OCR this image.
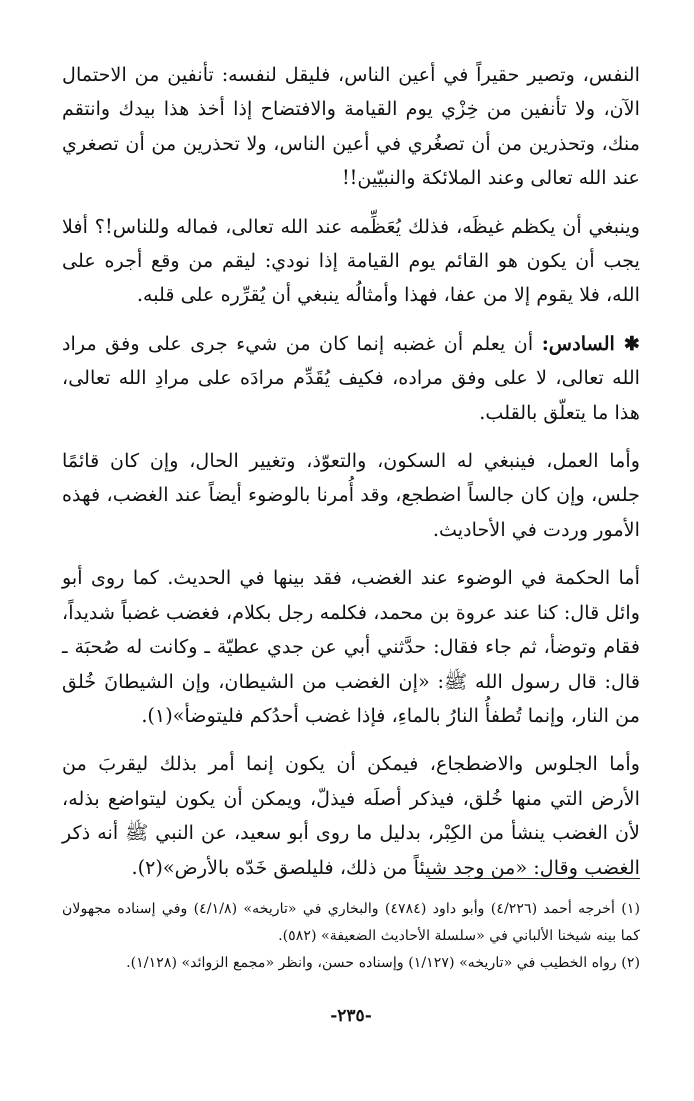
النفس، وتصير حقيراً في أعين الناس، فليقل لنفسه: تأنفين من الاحتمال الآن، ولا تأنفين من خِزْي يوم القيامة والافتضاح إذا أخذ هذا بيدك وانتقم منك، وتحذرين من أن تصغُري في أعين الناس، ولا تحذرين من أن تصغري عند الله تعالى وعند الملائكة والنبيّين!!

وينبغي أن يكظم غيظَه، فذلك يُعَظِّمه عند الله تعالى، فماله وللناس!؟ أفلا يجب أن يكون هو القائم يوم القيامة إذا نودي: ليقم من وقع أجره على الله، فلا يقوم إلا من عفا، فهذا وأمثالُه ينبغي أن يُقرِّره على قلبه.

✱ السادس: أن يعلم أن غضبه إنما كان من شيء جرى على وفق مراد الله تعالى، لا على وفق مراده، فكيف يُقَدِّم مرادَه على مرادِ الله تعالى، هذا ما يتعلّق بالقلب.

وأما العمل، فينبغي له السكون، والتعوّذ، وتغيير الحال، وإن كان قائمًا جلس، وإن كان جالساً اضطجع، وقد أُمرنا بالوضوء أيضاً عند الغضب، فهذه الأمور وردت في الأحاديث.

أما الحكمة في الوضوء عند الغضب، فقد بينها في الحديث. كما روى أبو وائل قال: كنا عند عروة بن محمد، فكلمه رجل بكلام، فغضب غضباً شديداً، فقام وتوضأ، ثم جاء فقال: حدَّثني أبي عن جدي عطيّة ـ وكانت له صُحبَة ـ قال: قال رسول الله ﷺ: «إن الغضب من الشيطان، وإن الشيطانَ خُلق من النار، وإنما تُطفأُ النارُ بالماءِ، فإذا غضب أحدُكم فليتوضأ»(١).

وأما الجلوس والاضطجاع، فيمكن أن يكون إنما أمر بذلك ليقربَ من الأرض التي منها خُلق، فيذكر أصلَه فيذلّ، ويمكن أن يكون ليتواضع بذله، لأن الغضب ينشأ من الكِبْر، بدليل ما روى أبو سعيد، عن النبي ﷺ أنه ذكر الغضب وقال: «من وجد شيئاً من ذلك، فليلصق خَدّه بالأرض»(٢).

(١) أخرجه أحمد (٤/٢٢٦) وأبو داود (٤٧٨٤) والبخاري في «تاريخه» (٤/١/٨) وفي إسناده مجهولان كما بينه شيخنا الألباني في «سلسلة الأحاديث الضعيفة» (٥٨٢).

(٢) رواه الخطيب في «تاريخه» (١/١٢٧) وإسناده حسن، وانظر «مجمع الزوائد» (١/١٢٨).

-٢٣٥-
